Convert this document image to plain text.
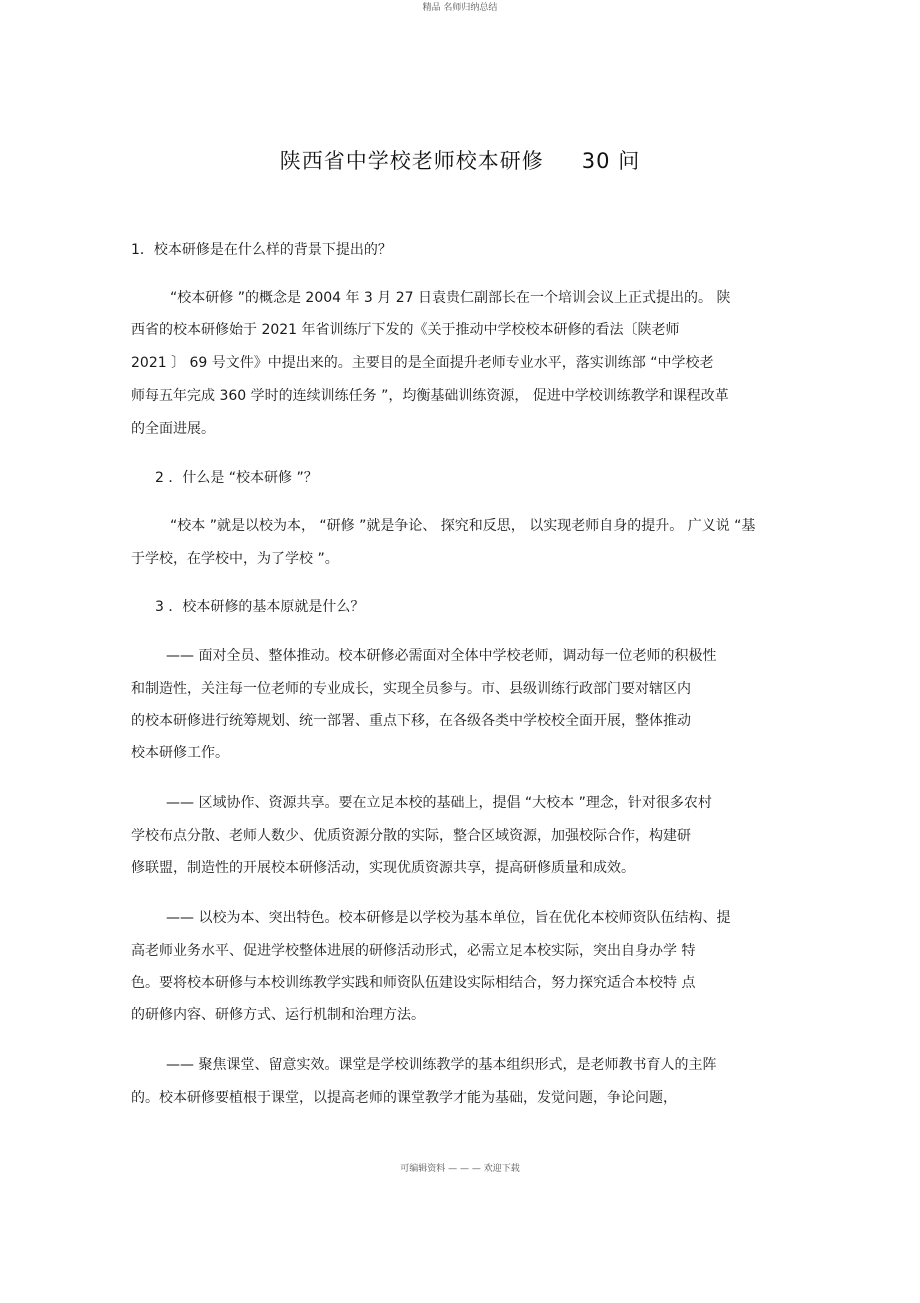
精品 名师归纳总结
陕西省中学校老师校本研修 30 问

1．校本研修是在什么样的背景下提出的？

“校本研修 ”的概念是 2004 年 3 月 27 日袁贵仁副部长在一个培训会议上正式提出的。 陕

西省的校本研修始于 2021 年省训练厅下发的《关于推动中学校校本研修的看法〔陕老师

2021 〕 69 号文件》中提出来的。主要目的是全面提升老师专业水平，落实训练部 “中学校老

师每五年完成 360 学时的连续训练任务 ”，均衡基础训练资源， 促进中学校训练教学和课程改革

的全面进展。

2 ．什么是 “校本研修 ”？

“校本 ”就是以校为本， “研修 ”就是争论、 探究和反思， 以实现老师自身的提升。 广义说 “基

于学校，在学校中，为了学校 ”。

3 ．校本研修的基本原就是什么？

—— 面对全员、整体推动。校本研修必需面对全体中学校老师，调动每一位老师的积极性

和制造性，关注每一位老师的专业成长，实现全员参与。市、县级训练行政部门要对辖区内

的校本研修进行统筹规划、统一部署、重点下移，在各级各类中学校校全面开展，整体推动

校本研修工作。

—— 区域协作、资源共享。要在立足本校的基础上，提倡 “大校本 ”理念，针对很多农村

学校布点分散、老师人数少、优质资源分散的实际，整合区域资源，加强校际合作，构建研

修联盟，制造性的开展校本研修活动，实现优质资源共享，提高研修质量和成效。

—— 以校为本、突出特色。校本研修是以学校为基本单位，旨在优化本校师资队伍结构、提

高老师业务水平、促进学校整体进展的研修活动形式，必需立足本校实际，突出自身办学 特

色。要将校本研修与本校训练教学实践和师资队伍建设实际相结合，努力探究适合本校特 点

的研修内容、研修方式、运行机制和治理方法。

—— 聚焦课堂、留意实效。课堂是学校训练教学的基本组织形式，是老师教书育人的主阵

的。校本研修要植根于课堂，以提高老师的课堂教学才能为基础，发觉问题，争论问题，

可编辑资料 — — — 欢迎下载
